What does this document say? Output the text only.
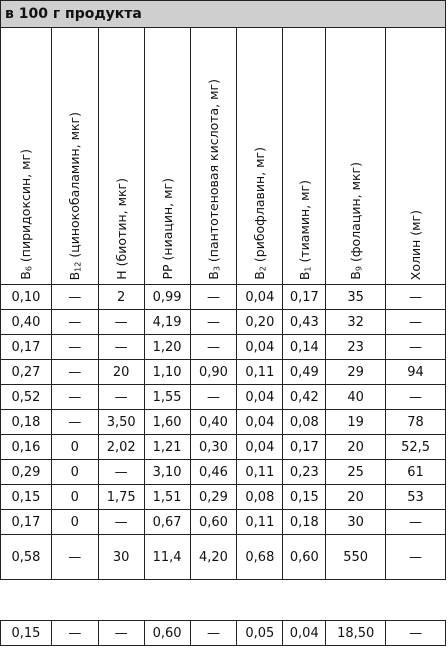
в 100 г продукта
$B_6$ (пиридоксин, мг)	$B_{12}$ (цинокобаламин, мкг)	H (биотин, мкг)	PP (ниацин, мг)	$B_3$ (пантотеновая кислота, мг)	$B_2$ (рибофлавин, мг)	$B_1$ (тиамин, мг)	$B_9$ (фолацин, мкг)	Холин (мг)
0,10	—	2	0,99	—	0,04	0,17	35	—
0,40	—	—	4,19	—	0,20	0,43	32	—
0,17	—	—	1,20	—	0,04	0,14	23	—
0,27	—	20	1,10	0,90	0,11	0,49	29	94
0,52	—	—	1,55	—	0,04	0,42	40	—
0,18	—	3,50	1,60	0,40	0,04	0,08	19	78
0,16	0	2,02	1,21	0,30	0,04	0,17	20	52,5
0,29	0	—	3,10	0,46	0,11	0,23	25	61
0,15	0	1,75	1,51	0,29	0,08	0,15	20	53
0,17	0	—	0,67	0,60	0,11	0,18	30	—
0,58	—	30	11,4	4,20	0,68	0,60	550	—
0,15	—	—	0,60	—	0,05	0,04	18,50	—
